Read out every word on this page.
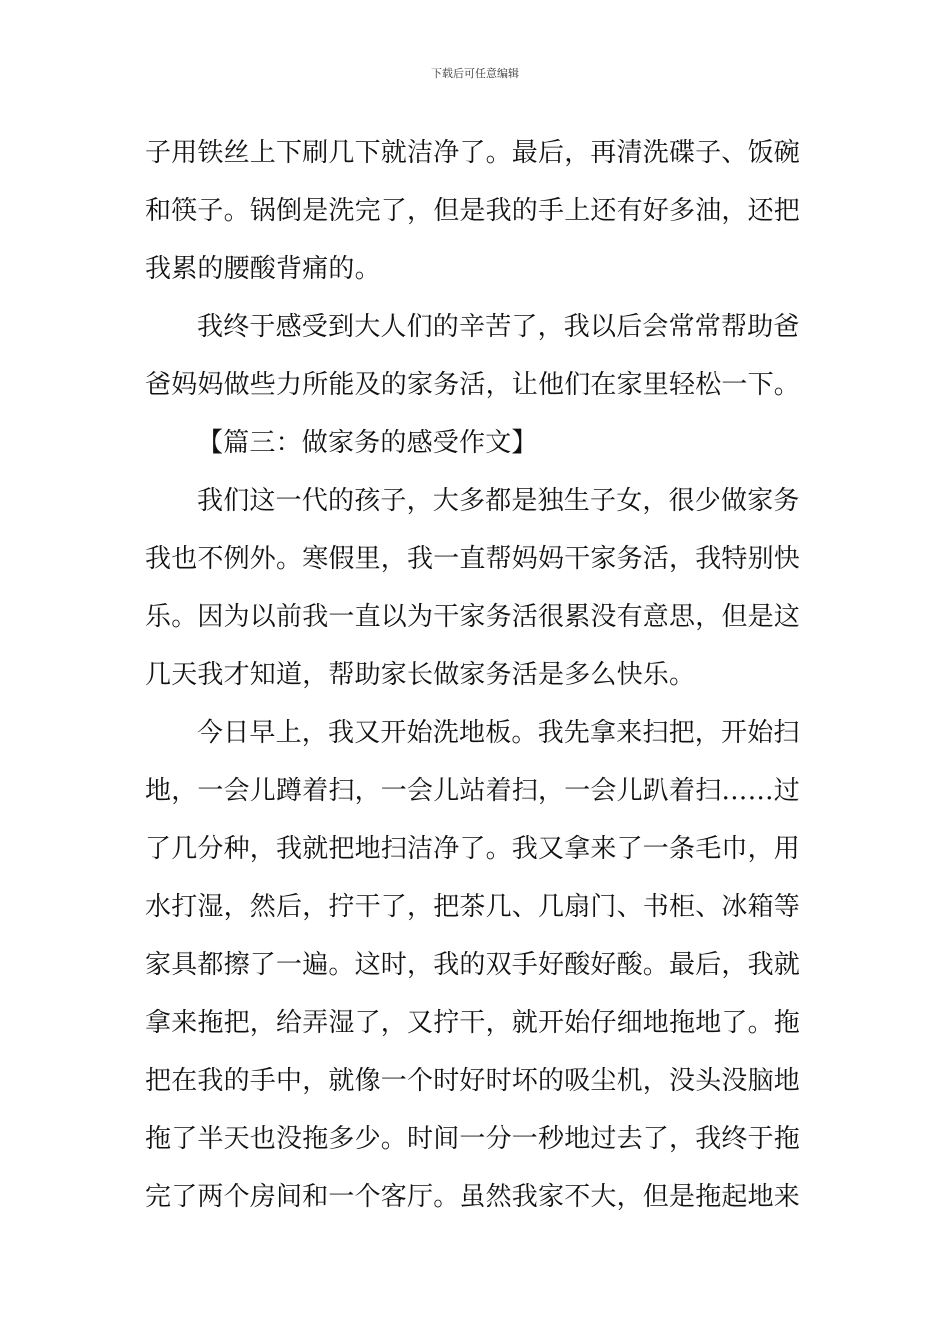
下载后可任意编辑
子用铁丝上下刷几下就洁净了。最后，再清洗碟子、饭碗
和筷子。锅倒是洗完了，但是我的手上还有好多油，还把
我累的腰酸背痛的。
我终于感受到大人们的辛苦了，我以后会常常帮助爸
爸妈妈做些力所能及的家务活，让他们在家里轻松一下。
【篇三：做家务的感受作文】
我们这一代的孩子，大多都是独生子女，很少做家务
我也不例外。寒假里，我一直帮妈妈干家务活，我特别快
乐。因为以前我一直以为干家务活很累没有意思，但是这
几天我才知道，帮助家长做家务活是多么快乐。
今日早上，我又开始洗地板。我先拿来扫把，开始扫
地，一会儿蹲着扫，一会儿站着扫，一会儿趴着扫……过
了几分种，我就把地扫洁净了。我又拿来了一条毛巾，用
水打湿，然后，拧干了，把茶几、几扇门、书柜、冰箱等
家具都擦了一遍。这时，我的双手好酸好酸。最后，我就
拿来拖把，给弄湿了，又拧干，就开始仔细地拖地了。拖
把在我的手中，就像一个时好时坏的吸尘机，没头没脑地
拖了半天也没拖多少。时间一分一秒地过去了，我终于拖
完了两个房间和一个客厅。虽然我家不大，但是拖起地来
